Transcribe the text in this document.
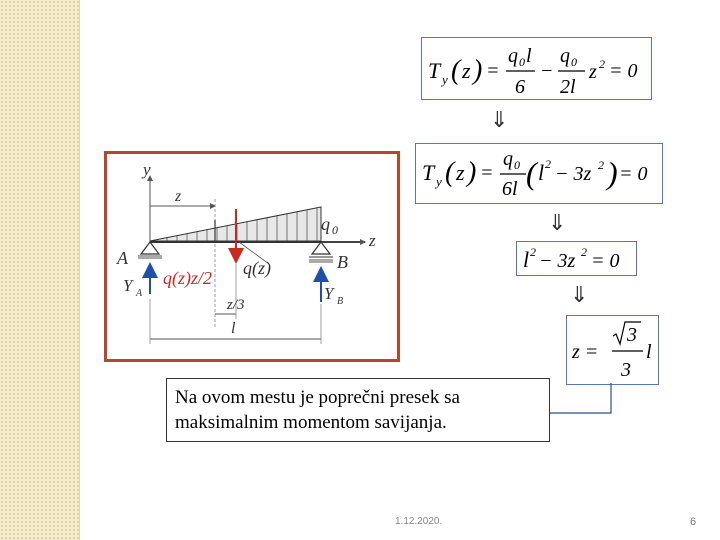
T y ( z ) =
q 0 l
6
−
q 0
2l
z 2 = 0
⇓
T y ( z ) =
q 0
6l ( l 2 − 3z 2 ) = 0
⇓
l 2 − 3z 2 = 0
⇓
z =
3
3
l
y
z
q 0
z
A	B
Y A	Y B
q(z)z/2 q(z)
z/3
l
Na ovom mestu je poprečni presek sa maksimalnim momentom savijanja.
1.12.2020.	6
